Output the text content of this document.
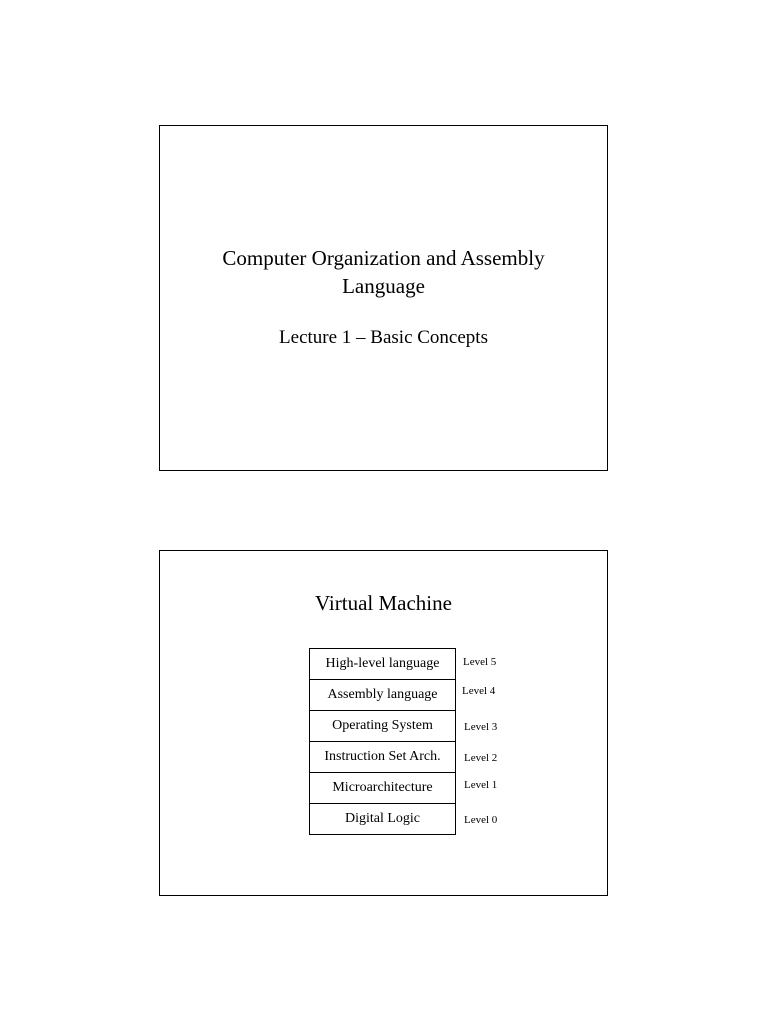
Computer Organization and Assembly
Language
Lecture 1 – Basic Concepts
Virtual Machine
High-level language
Assembly language
Operating System
Instruction Set Arch.
Microarchitecture
Digital Logic
Level 5
Level 4
Level 3
Level 2
Level 1
Level 0
